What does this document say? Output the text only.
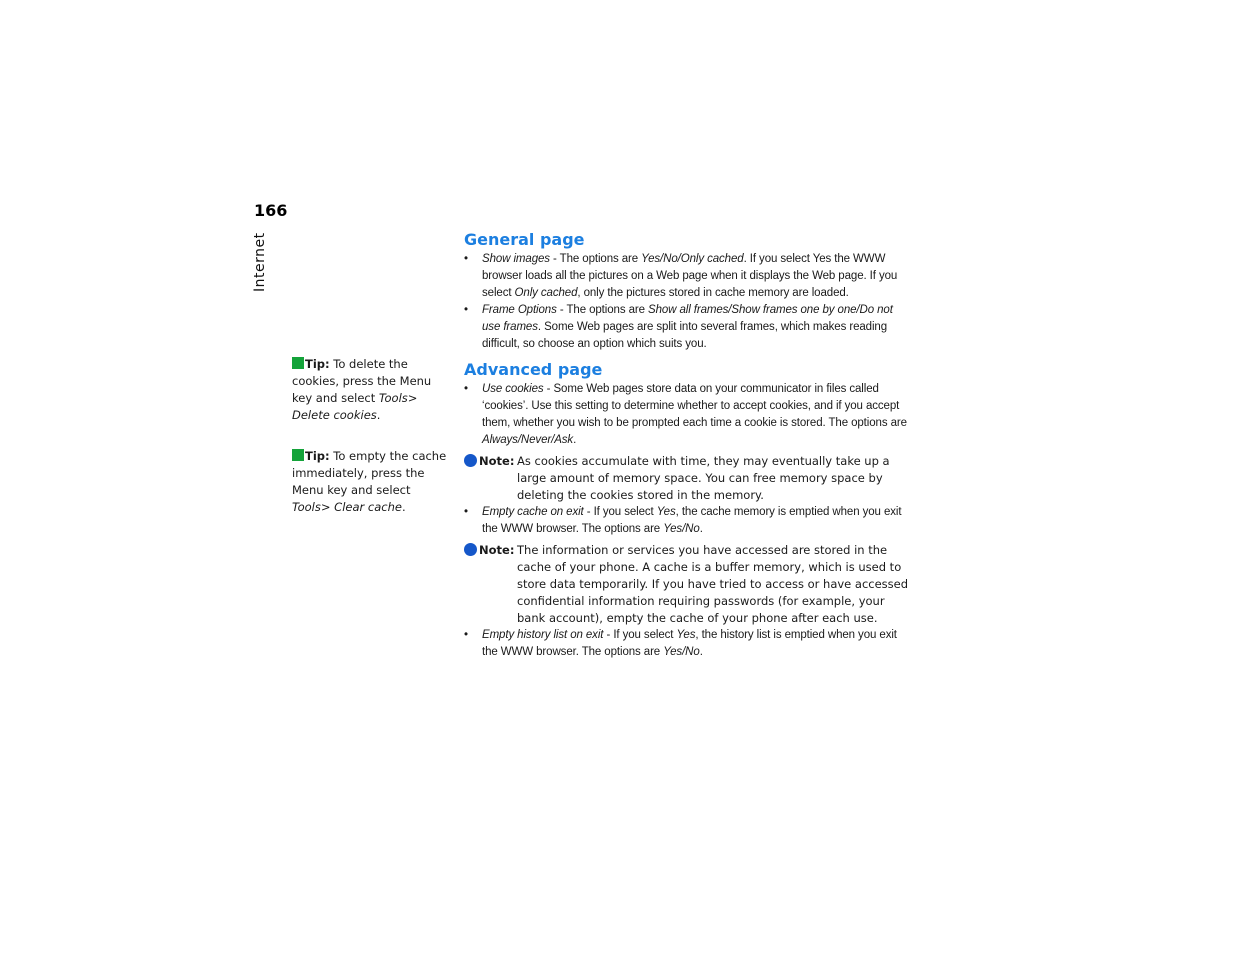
166
Internet
Tip: To delete the cookies, press the Menu key and select Tools> Delete cookies.
Tip: To empty the cache immediately, press the Menu key and select Tools> Clear cache.
General page
• Show images - The options are Yes/No/Only cached. If you select Yes the WWW browser loads all the pictures on a Web page when it displays the Web page. If you select Only cached, only the pictures stored in cache memory are loaded.
• Frame Options - The options are Show all frames/Show frames one by one/Do not use frames. Some Web pages are split into several frames, which makes reading difficult, so choose an option which suits you.
Advanced page
• Use cookies - Some Web pages store data on your communicator in files called ‘cookies’. Use this setting to determine whether to accept cookies, and if you accept them, whether you wish to be prompted each time a cookie is stored. The options are Always/Never/Ask.
Note: As cookies accumulate with time, they may eventually take up a large amount of memory space. You can free memory space by deleting the cookies stored in the memory.
• Empty cache on exit - If you select Yes, the cache memory is emptied when you exit the WWW browser. The options are Yes/No.
Note: The information or services you have accessed are stored in the cache of your phone. A cache is a buffer memory, which is used to store data temporarily. If you have tried to access or have accessed confidential information requiring passwords (for example, your bank account), empty the cache of your phone after each use.
• Empty history list on exit - If you select Yes, the history list is emptied when you exit the WWW browser. The options are Yes/No.
